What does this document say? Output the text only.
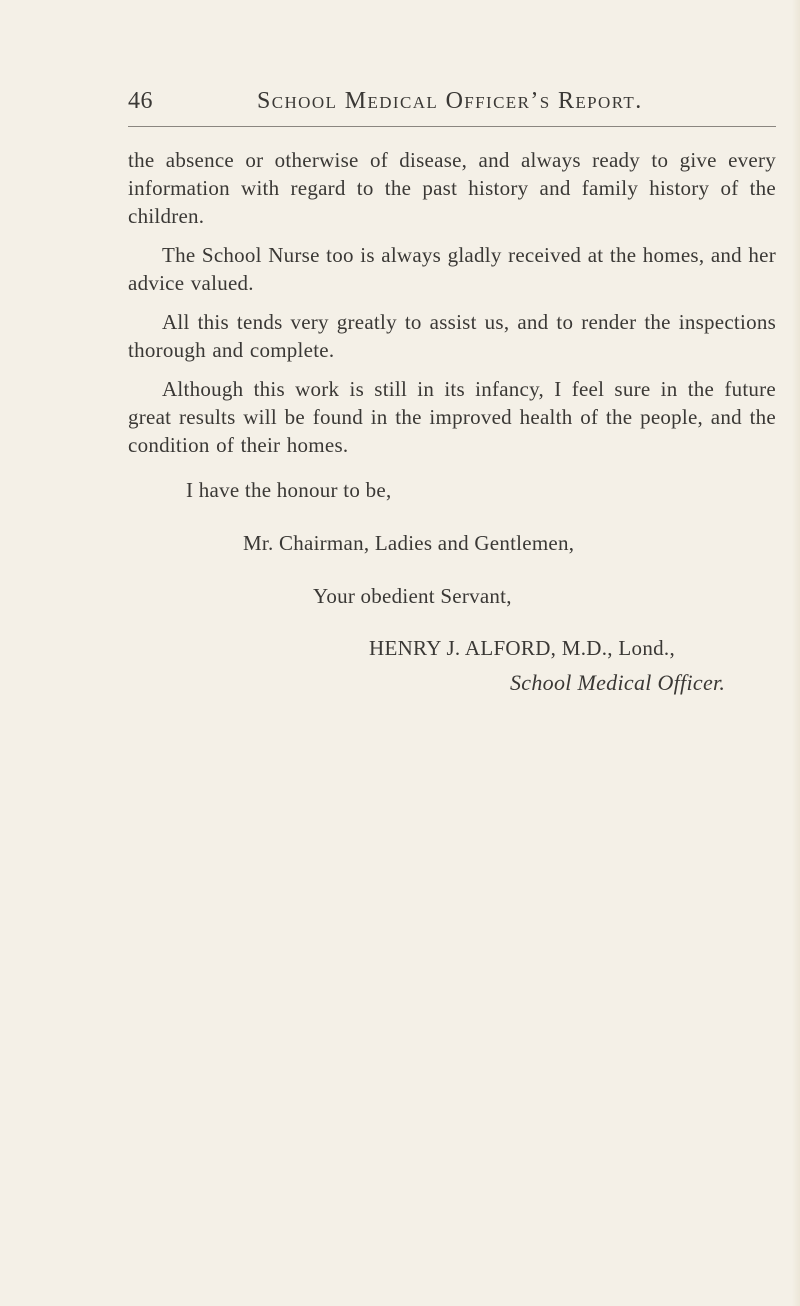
46	School Medical Officer’s Report.

the absence or otherwise of disease, and always ready to give every information with regard to the past history and family history of the children.

The School Nurse too is always gladly received at the homes, and her advice valued.

All this tends very greatly to assist us, and to render the inspections thorough and complete.

Although this work is still in its infancy, I feel sure in the future great results will be found in the improved health of the people, and the condition of their homes.

I have the honour to be,
Mr. Chairman, Ladies and Gentlemen,
Your obedient Servant,
HENRY J. ALFORD, M.D., Lond.,
School Medical Officer.
